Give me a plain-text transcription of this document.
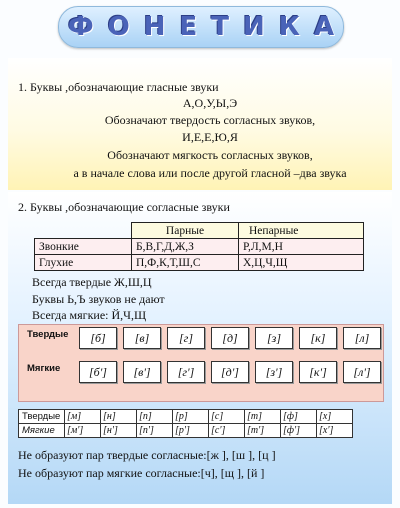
ФОНЕТИКА
1. Буквы ,обозначающие гласные звуки
А,О,У,Ы,Э
Обозначают твердость согласных звуков,
И,Е,Е,Ю,Я
Обозначают мягкость согласных звуков,
а в начале слова или после другой гласной –два звука
2. Буквы ,обозначающие согласные звуки
	Парные	Непарные
Звонкие	Б,В,Г,Д,Ж,З	Р,Л,М,Н
Глухие	П,Ф,К,Т,Ш,С	Х,Ц,Ч,Щ
Всегда твердые Ж,Ш,Ц
Буквы Ь,Ъ звуков не дают
Всегда мягкие: Й,Ч,Щ
Твердые
Мягкие
[б]	[в]	[г]	[д]	[з]	[к]	[л]
[б']	[в']	[г']	[д']	[з']	[к']	[л']
Твердые	[м]	[н]	[п]	[р]	[с]	[т]	[ф]	[х]
Мягкие	[м']	[н']	[п']	[р']	[с']	[т']	[ф']	[х']
Не образуют пар твердые согласные:[ж ], [ш ], [ц ]
Не образуют пар мягкие согласные:[ч], [щ ], [й ]
